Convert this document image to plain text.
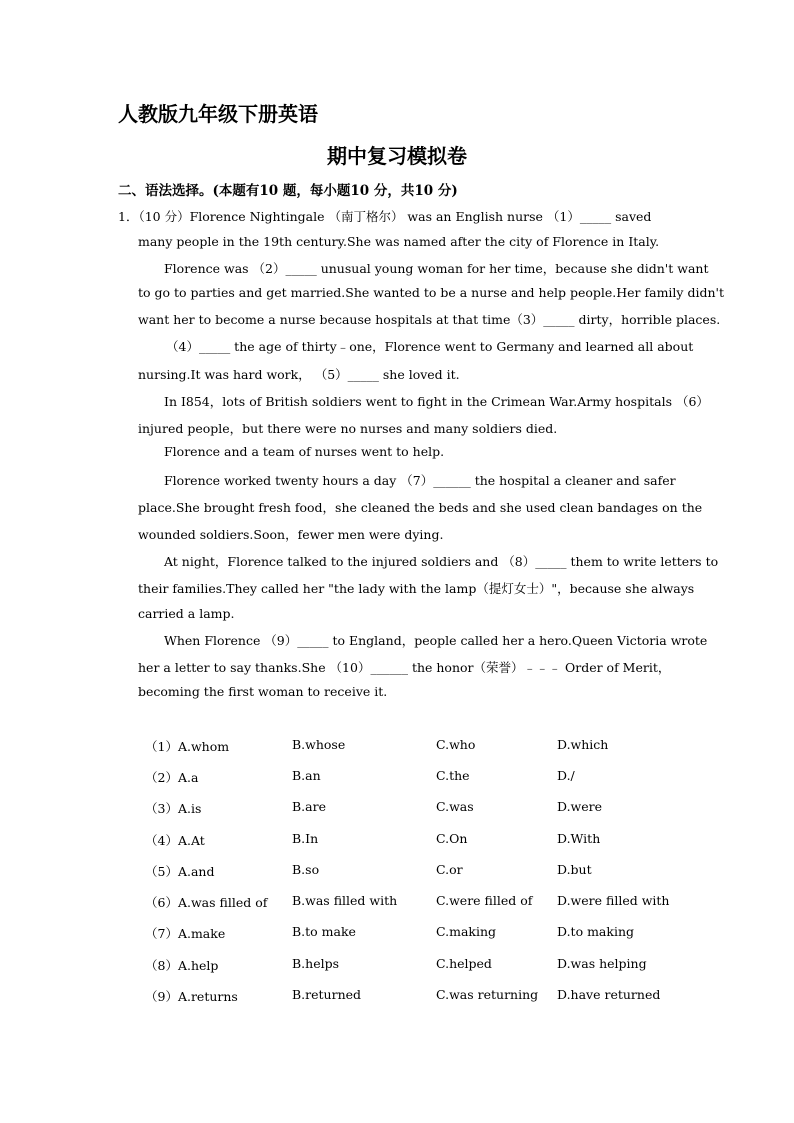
人教版九年级下册英语
期中复习模拟卷
二、语法选择。(本题有10 题，每小题10 分，共10 分)
1．（10 分）Florence Nightingale （南丁格尔） was an English nurse （1）_____ saved
many people in the 19th century.She was named after the city of Florence in Italy.
Florence was （2）_____ unusual young woman for her time，because she didn't want
to go to parties and get married.She wanted to be a nurse and help people.Her family didn't
want her to become a nurse because hospitals at that time（3）_____ dirty，horrible places.
（4）_____ the age of thirty﹣one，Florence went to Germany and learned all about
nursing.It was hard work， （5）_____ she loved it.
In I854，lots of British soldiers went to fight in the Crimean War.Army hospitals （6）
injured people，but there were no nurses and many soldiers died.
Florence and a team of nurses went to help.
Florence worked twenty hours a day （7）______ the hospital a cleaner and safer
place.She brought fresh food，she cleaned the beds and she used clean bandages on the
wounded soldiers.Soon，fewer men were dying.
At night，Florence talked to the injured soldiers and （8）_____ them to write letters to
their families.They called her "the lady with the lamp（提灯女士）"，because she always
carried a lamp.
When Florence （9）_____ to England，people called her a hero.Queen Victoria wrote
her a letter to say thanks.She （10）______ the honor（荣誉）﹣﹣﹣ Order of Merit，
becoming the first woman to receive it.
（1）A.whom	B.whose	C.who	D.which
（2）A.a	B.an	C.the	D./
（3）A.is	B.are	C.was	D.were
（4）A.At	B.In	C.On	D.With
（5）A.and	B.so	C.or	D.but
（6）A.was filled of B.was filled with	C.were filled of D.were filled with
（7）A.make	B.to make	C.making	D.to making
（8）A.help	B.helps	C.helped	D.was helping
（9）A.returns	B.returned	C.was returning D.have returned
